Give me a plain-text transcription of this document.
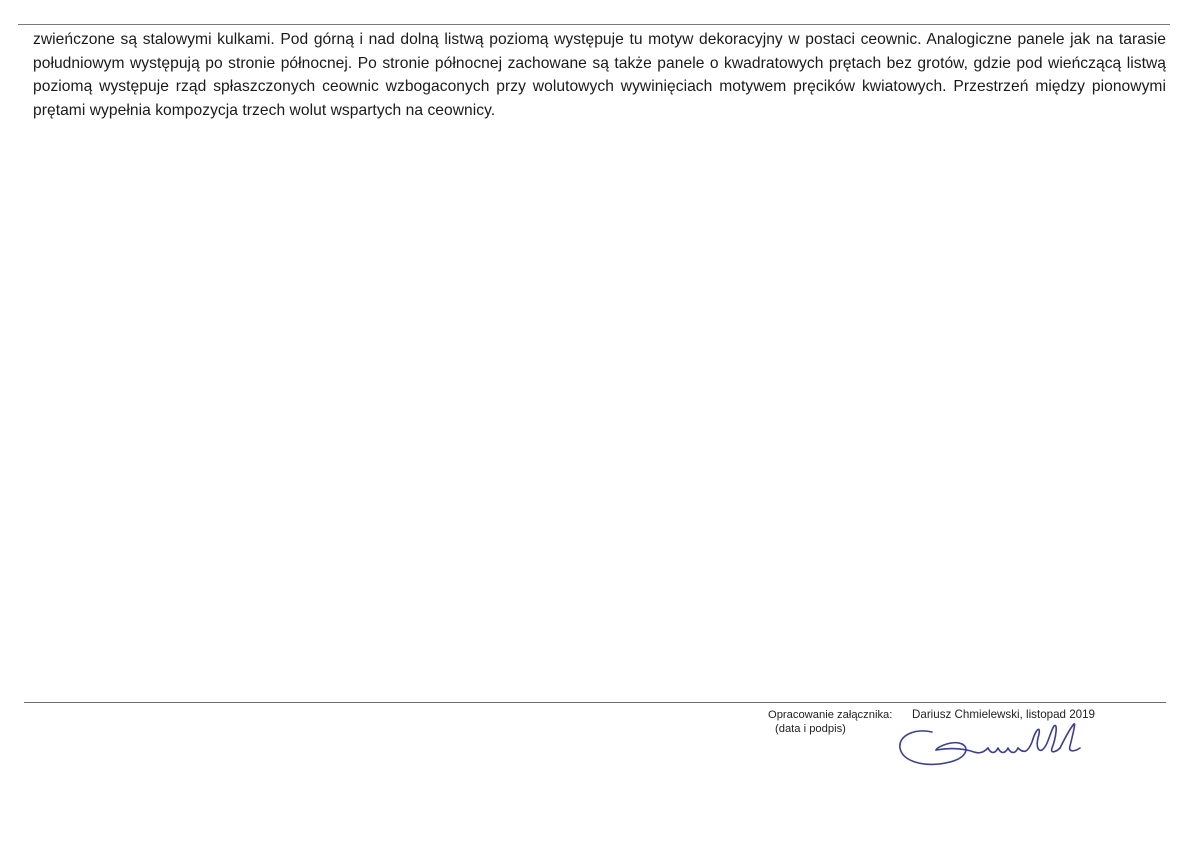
zwieńczone są stalowymi kulkami. Pod górną i nad dolną listwą poziomą występuje tu motyw dekoracyjny w postaci ceownic. Analogiczne panele jak na tarasie południowym występują po stronie północnej. Po stronie północnej zachowane są także panele o kwadratowych prętach bez grotów, gdzie pod wieńczącą listwą poziomą występuje rząd spłaszczonych ceownic wzbogaconych przy wolutowych wywinięciach motywem pręcików kwiatowych. Przestrzeń między pionowymi prętami wypełnia kompozycja trzech wolut wspartych na ceownicy.

Opracowanie załącznika:
(data i podpis)
Dariusz Chmielewski, listopad 2019
